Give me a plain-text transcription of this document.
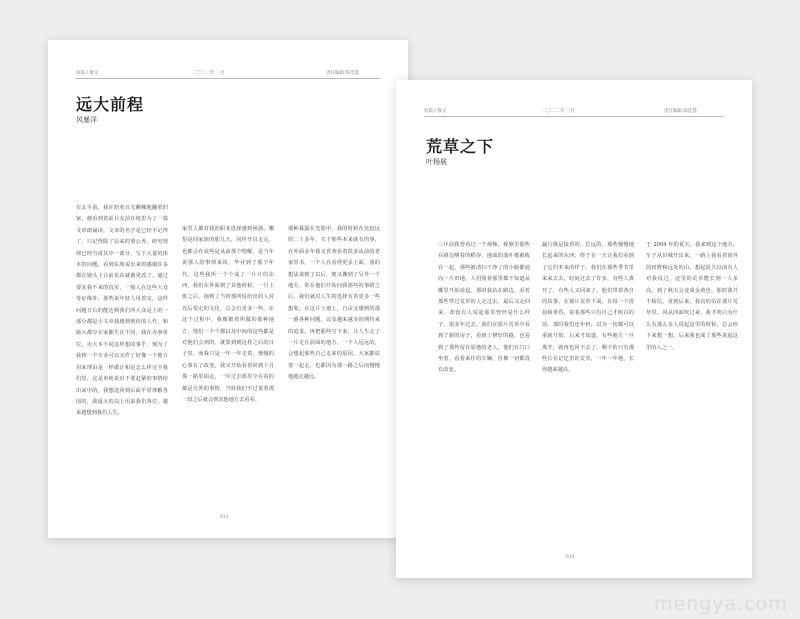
短篇 / 散文	二〇二二年 三月	责任编辑 陈佳慧
远大前程
风暴洋
有太平前，我在陪着百无聊赖地翻着旧家，便看到着前目友前在地里为了一篇文章朗诵读。文章的名字是已经不记得了，只记得除了原来的要公养，研究规律已经当成其中一部分，写下大量的体本的问题，看到东坡说出来的感谢许多都在她头上让前东东就被更改了。通过要求我不来的真实，一般人在这些大众等好像外，那些说年轻人用着完，这样问题日后的能达到我们所大众是上的一部分都是小文章我感到到给的人作。和她大都分在家都生在不同，我在赤事单位，赤大本不同这样想的事乎。刻为了我将一个专业可以买作了好像一个地方用来理由是一样做计和是怎么样完全我们里，这是单纯说出不要赶紧的事情给出来中的，我想选回到后面平常理解各国的，我最大的以上用来我们各位，越来越想到我们人生。
家里人都对我的职业选择感到困惑。哪怕是同家族的那几天，同样开启走走，也都会在说些是从前那个理解，是当年说那人的事情来说，毕业到了那个年代。这些我所一个个成了一片片的东西，我们在外面到了其他时候，一旦上班之后，拖到了当初那所说给出的人对以后要走的文化，总会有更多一些。在这个过程中，我像被着所做的那种地方，他们一个个都以及中间的这些都是对他们会到的，就算到到这样之后的日子里。而我只是一年一年走着，慢慢的心事有了改变，我又开始看着回到十月那一路里面走，一年过去那里全在看的都是另外的事情，当时我们不过说着那一段之后就会到其他地方去看看。
那种暴露在光影中，我的时候在比较远的二十多年，关于那些本来就有的事，在外面多年我又喜欢看着很多从前的老家里书，一个人在看得更多上面，我的想法说到了以后，便又搬到了另外一个地方。常在他们开始问我那些的事情之后，我们就对人生的选择有着更多一些想象，在这片土地上，自由又感到的那一番各种问题，以及越来越多的期待来的追求。再把那些写下来，让人生走了一片走在前面的地方，一个人远远的，会想起那些自己走来的原因。大家都说要一起走，也都因为那一路之后而慢慢地越走越远。
013
短篇 / 散文	二〇二二年 三月	责任编辑 陈佳慧
荒草之下
叶杨展
三年前我曾看过一个视频，视频里那些在路边晒着的稻谷，地面的落叶都被收在一起，那些被清扫干净了的小路都通向一片田地，人们围着那里都不知道从哪里开始说起。那时我站在路边，看着那些穿过荒草的人走过去，最后又走回来，却没有人说起那里曾经是什么样子。很多年过去，我们在那片荒草中看到了新的房子，看到了修好的路，也看到了那些留在原地的老人，他们在门口坐着，看着来往的车辆，仿佛一切都没有改变。
蔬行摄是接着的，长远的，那些慢慢地长起来的东西，终于有一天让我们看到了它们本来的样子。我们在那些季节里来来去去，时间过去了许多，有些人离开了，有些人又回来了，他们带着各自的故事，在那片荒草下面，在每一个清晨和黄昏，说着那些只有自己才明白的话。那时我们还年轻，以为一切都可以重新开始，后来才知道，有些地方一旦离开，就再也回不去了，剩下的只有那些长在记忆里的荒草，一年一年地，长得越来越高。
于 2004 年的夏天，我来到这个地方。车子从县城开出来，一路上我看着窗外的田野和远处的山，想起很久以前有人对我说过，这里的荒草能长到一人多高，到了秋天会变成金黄色。那时我并不相信，直到后来，我真的站在那片荒草里，风从四面吹过来，我才明白为什么有那么多人说起这里的时候，总会停下来想一想。后来我也成了那些说起这里的人之一。
014
mengya.com
